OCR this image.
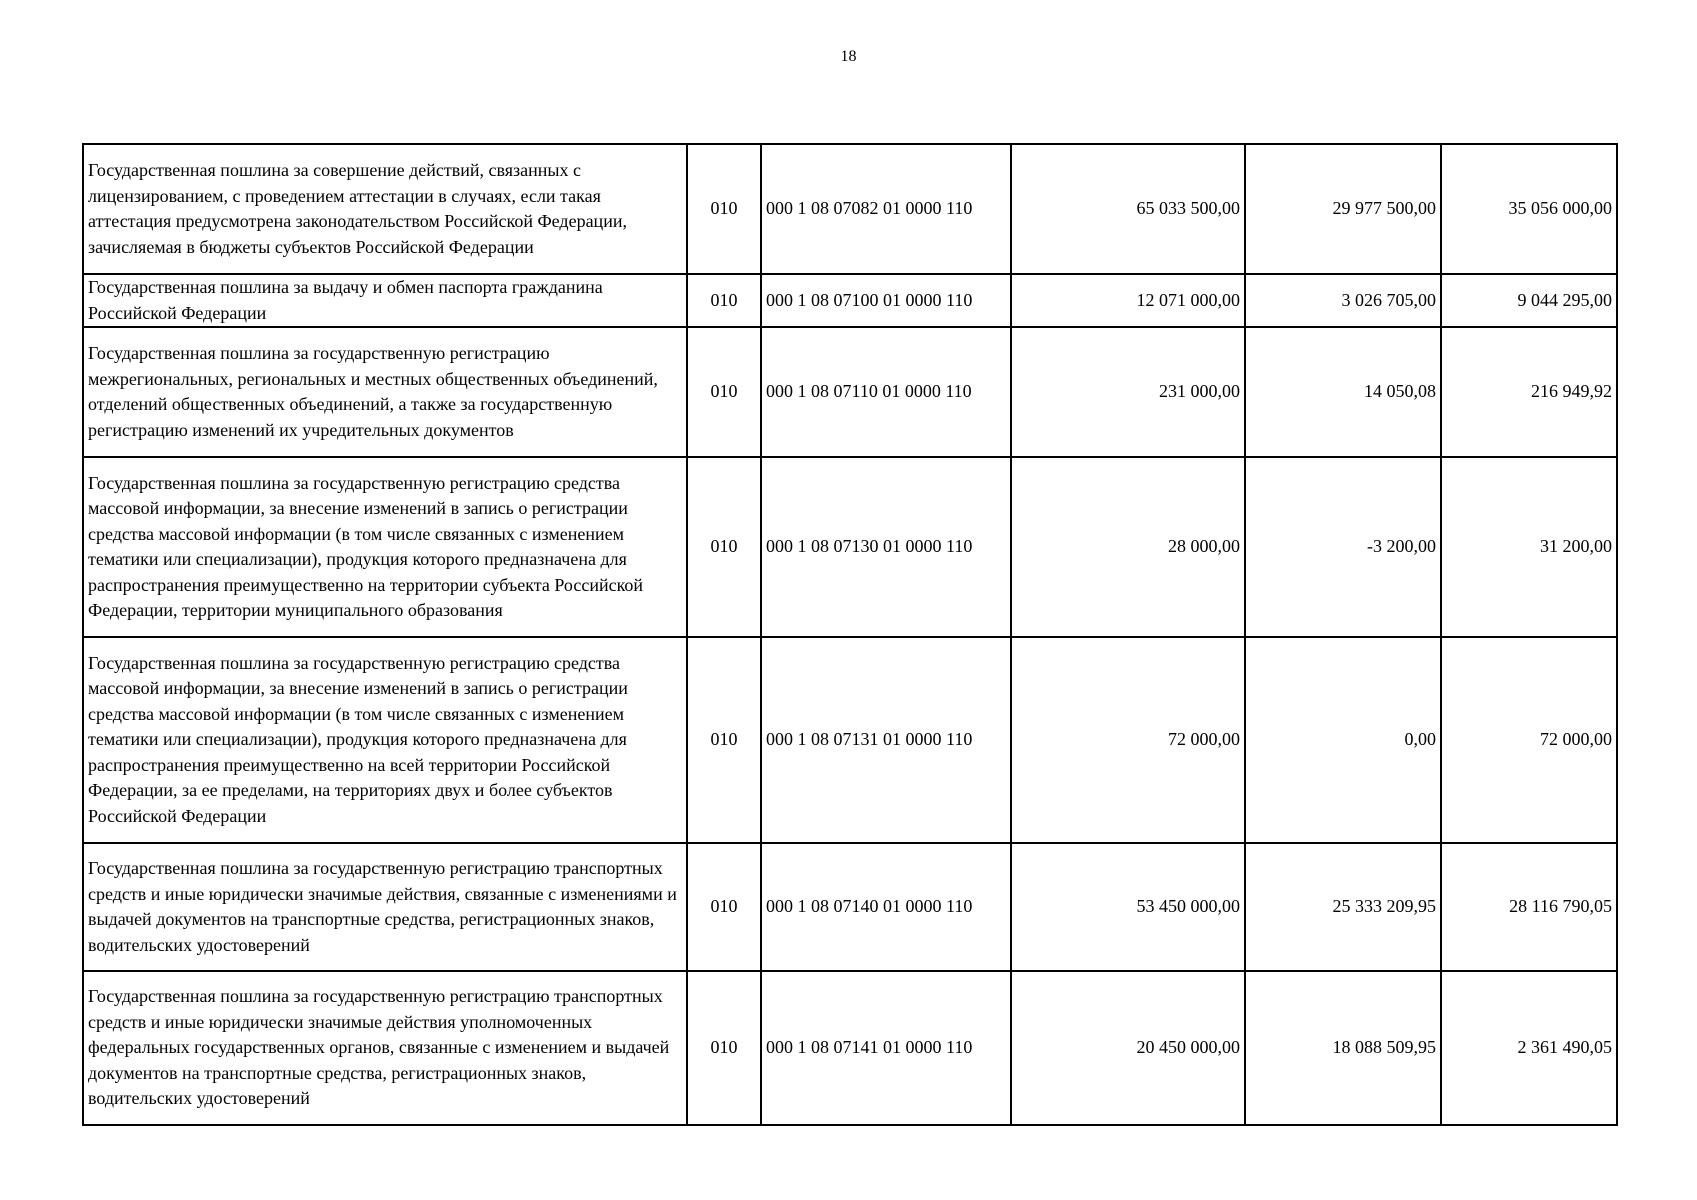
18
Государственная пошлина за совершение действий, связанных с лицензированием, с проведением аттестации в случаях, если такая аттестация предусмотрена законодательством Российской Федерации, зачисляемая в бюджеты субъектов Российской Федерации	010	000 1 08 07082 01 0000 110	65 033 500,00	29 977 500,00	35 056 000,00
Государственная пошлина за выдачу и обмен паспорта гражданина Российской Федерации	010	000 1 08 07100 01 0000 110	12 071 000,00	3 026 705,00	9 044 295,00
Государственная пошлина за государственную регистрацию межрегиональных, региональных и местных общественных объединений, отделений общественных объединений, а также за государственную регистрацию изменений их учредительных документов	010	000 1 08 07110 01 0000 110	231 000,00	14 050,08	216 949,92
Государственная пошлина за государственную регистрацию средства массовой информации, за внесение изменений в запись о регистрации средства массовой информации (в том числе связанных с изменением тематики или специализации), продукция которого предназначена для распространения преимущественно на территории субъекта Российской Федерации, территории муниципального образования	010	000 1 08 07130 01 0000 110	28 000,00	-3 200,00	31 200,00
Государственная пошлина за государственную регистрацию средства массовой информации, за внесение изменений в запись о регистрации средства массовой информации (в том числе связанных с изменением тематики или специализации), продукция которого предназначена для распространения преимущественно на всей территории Российской Федерации, за ее пределами, на территориях двух и более субъектов Российской Федерации	010	000 1 08 07131 01 0000 110	72 000,00	0,00	72 000,00
Государственная пошлина за государственную регистрацию транспортных средств и иные юридически значимые действия, связанные с изменениями и выдачей документов на транспортные средства, регистрационных знаков, водительских удостоверений	010	000 1 08 07140 01 0000 110	53 450 000,00	25 333 209,95	28 116 790,05
Государственная пошлина за государственную регистрацию транспортных средств и иные юридически значимые действия уполномоченных федеральных государственных органов, связанные с изменением и выдачей документов на транспортные средства, регистрационных знаков, водительских удостоверений	010	000 1 08 07141 01 0000 110	20 450 000,00	18 088 509,95	2 361 490,05
